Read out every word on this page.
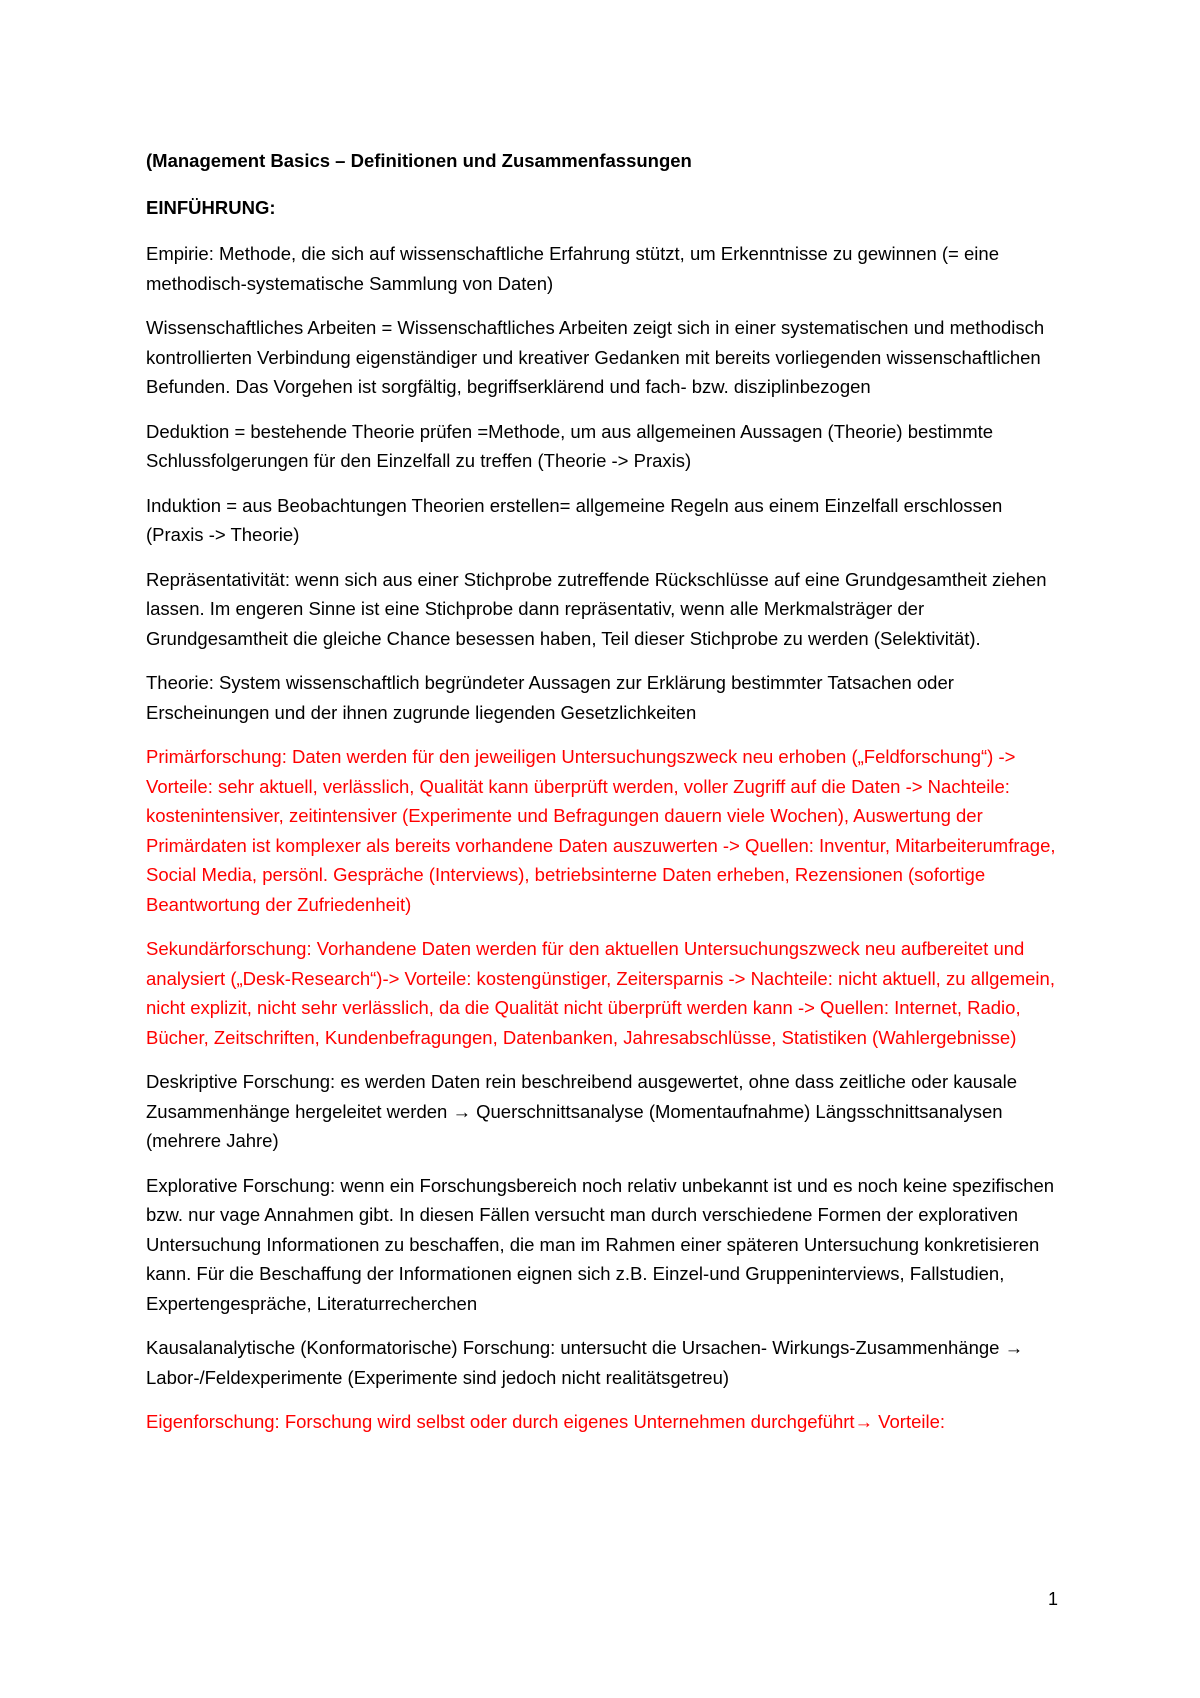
(Management Basics – Definitionen und Zusammenfassungen

EINFÜHRUNG:

Empirie: Methode, die sich auf wissenschaftliche Erfahrung stützt, um Erkenntnisse zu gewinnen (= eine methodisch-systematische Sammlung von Daten)

Wissenschaftliches Arbeiten = Wissenschaftliches Arbeiten zeigt sich in einer systematischen und methodisch kontrollierten Verbindung eigenständiger und kreativer Gedanken mit bereits vorliegenden wissenschaftlichen Befunden. Das Vorgehen ist sorgfältig, begriffserklärend und fach- bzw. disziplinbezogen

Deduktion = bestehende Theorie prüfen =Methode, um aus allgemeinen Aussagen (Theorie) bestimmte Schlussfolgerungen für den Einzelfall zu treffen (Theorie -> Praxis)

Induktion = aus Beobachtungen Theorien erstellen= allgemeine Regeln aus einem Einzelfall erschlossen (Praxis -> Theorie)

Repräsentativität: wenn sich aus einer Stichprobe zutreffende Rückschlüsse auf eine Grundgesamtheit ziehen lassen. Im engeren Sinne ist eine Stichprobe dann repräsentativ, wenn alle Merkmalsträger der Grundgesamtheit die gleiche Chance besessen haben, Teil dieser Stichprobe zu werden (Selektivität).

Theorie: System wissenschaftlich begründeter Aussagen zur Erklärung bestimmter Tatsachen oder Erscheinungen und der ihnen zugrunde liegenden Gesetzlichkeiten

Primärforschung: Daten werden für den jeweiligen Untersuchungszweck neu erhoben („Feldforschung“) -> Vorteile: sehr aktuell, verlässlich, Qualität kann überprüft werden, voller Zugriff auf die Daten -> Nachteile: kostenintensiver, zeitintensiver (Experimente und Befragungen dauern viele Wochen), Auswertung der Primärdaten ist komplexer als bereits vorhandene Daten auszuwerten -> Quellen: Inventur, Mitarbeiterumfrage, Social Media, persönl. Gespräche (Interviews), betriebsinterne Daten erheben, Rezensionen (sofortige Beantwortung der Zufriedenheit)

Sekundärforschung: Vorhandene Daten werden für den aktuellen Untersuchungszweck neu aufbereitet und analysiert („Desk-Research“)-> Vorteile: kostengünstiger, Zeitersparnis -> Nachteile: nicht aktuell, zu allgemein, nicht explizit, nicht sehr verlässlich, da die Qualität nicht überprüft werden kann -> Quellen: Internet, Radio, Bücher, Zeitschriften, Kundenbefragungen, Datenbanken, Jahresabschlüsse, Statistiken (Wahlergebnisse)

Deskriptive Forschung: es werden Daten rein beschreibend ausgewertet, ohne dass zeitliche oder kausale Zusammenhänge hergeleitet werden → Querschnittsanalyse (Momentaufnahme) Längsschnittsanalysen (mehrere Jahre)

Explorative Forschung: wenn ein Forschungsbereich noch relativ unbekannt ist und es noch keine spezifischen bzw. nur vage Annahmen gibt. In diesen Fällen versucht man durch verschiedene Formen der explorativen Untersuchung Informationen zu beschaffen, die man im Rahmen einer späteren Untersuchung konkretisieren kann. Für die Beschaffung der Informationen eignen sich z.B. Einzel-und Gruppeninterviews, Fallstudien, Expertengespräche, Literaturrecherchen

Kausalanalytische (Konformatorische) Forschung: untersucht die Ursachen- Wirkungs-Zusammenhänge → Labor-/Feldexperimente (Experimente sind jedoch nicht realitätsgetreu)

Eigenforschung: Forschung wird selbst oder durch eigenes Unternehmen durchgeführt→ Vorteile:

1
